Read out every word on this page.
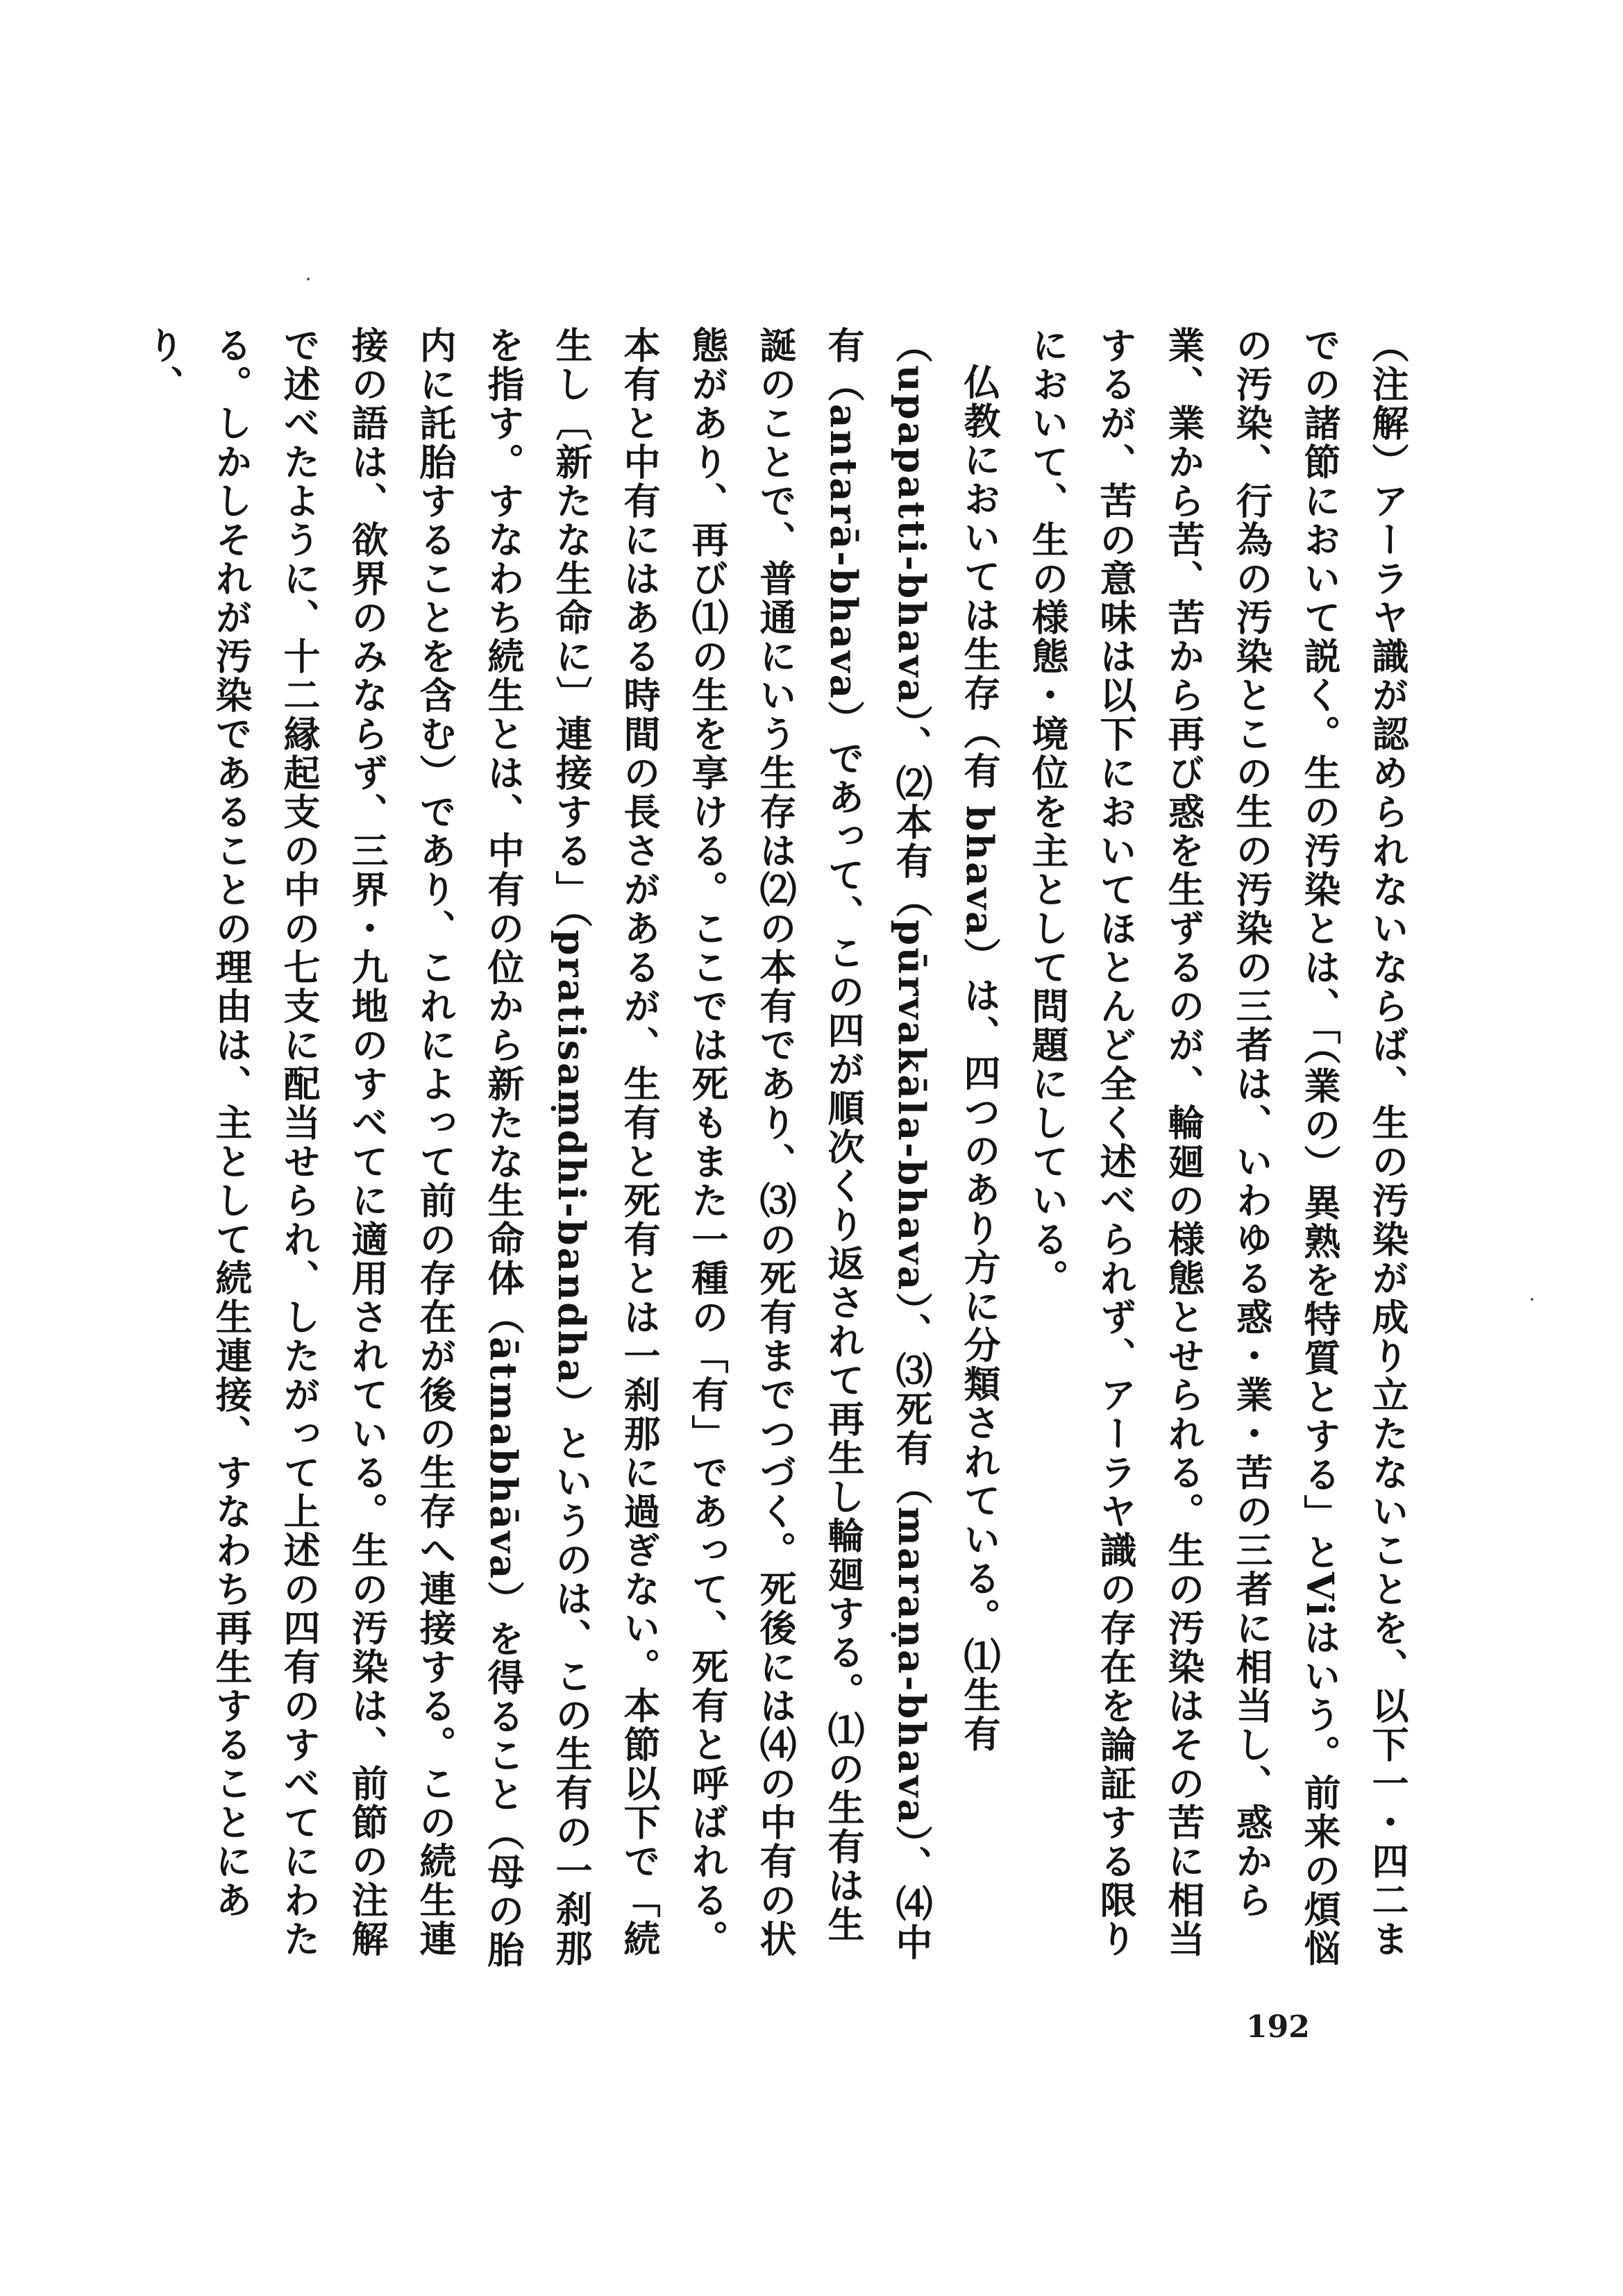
（注解）アーラヤ識が認められないならば、生の汚染が成り立たないことを、以下一・四二までの諸節において説く。生の汚染とは、「（業の）異熟を特質とする」とViはいう。前来の煩悩の汚染、行為の汚染とこの生の汚染の三者は、いわゆる惑・業・苦の三者に相当し、惑から業、業から苦、苦から再び惑を生ずるのが、輪廻の様態とせられる。生の汚染はその苦に相当するが、苦の意味は以下においてほとんど全く述べられず、アーラヤ識の存在を論証する限りにおいて、生の様態・境位を主として問題にしている。

仏教においては生存（有 bhava）は、四つのあり方に分類されている。⑴生有（upapatti-bhava）、⑵本有（pūrvakāla-bhava）、⑶死有（maraṇa-bhava）、⑷中有（antarā-bhava）であって、この四が順次くり返されて再生し輪廻する。⑴の生有は生誕のことで、普通にいう生存は⑵の本有であり、⑶の死有までつづく。死後には⑷の中有の状態があり、再び⑴の生を享ける。ここでは死もまた一種の「有」であって、死有と呼ばれる。本有と中有にはある時間の長さがあるが、生有と死有とは一刹那に過ぎない。本節以下で「続生し〔新たな生命に〕連接する」（pratisaṃdhi-bandha）というのは、この生有の一刹那を指す。すなわち続生とは、中有の位から新たな生命体（ātmabhāva）を得ること（母の胎内に託胎することを含む）であり、これによって前の存在が後の生存へ連接する。この続生連接の語は、欲界のみならず、三界・九地のすべてに適用されている。生の汚染は、前節の注解で述べたように、十二縁起支の中の七支に配当せられ、したがって上述の四有のすべてにわたる。しかしそれが汚染であることの理由は、主として続生連接、すなわち再生することにあり、

192
